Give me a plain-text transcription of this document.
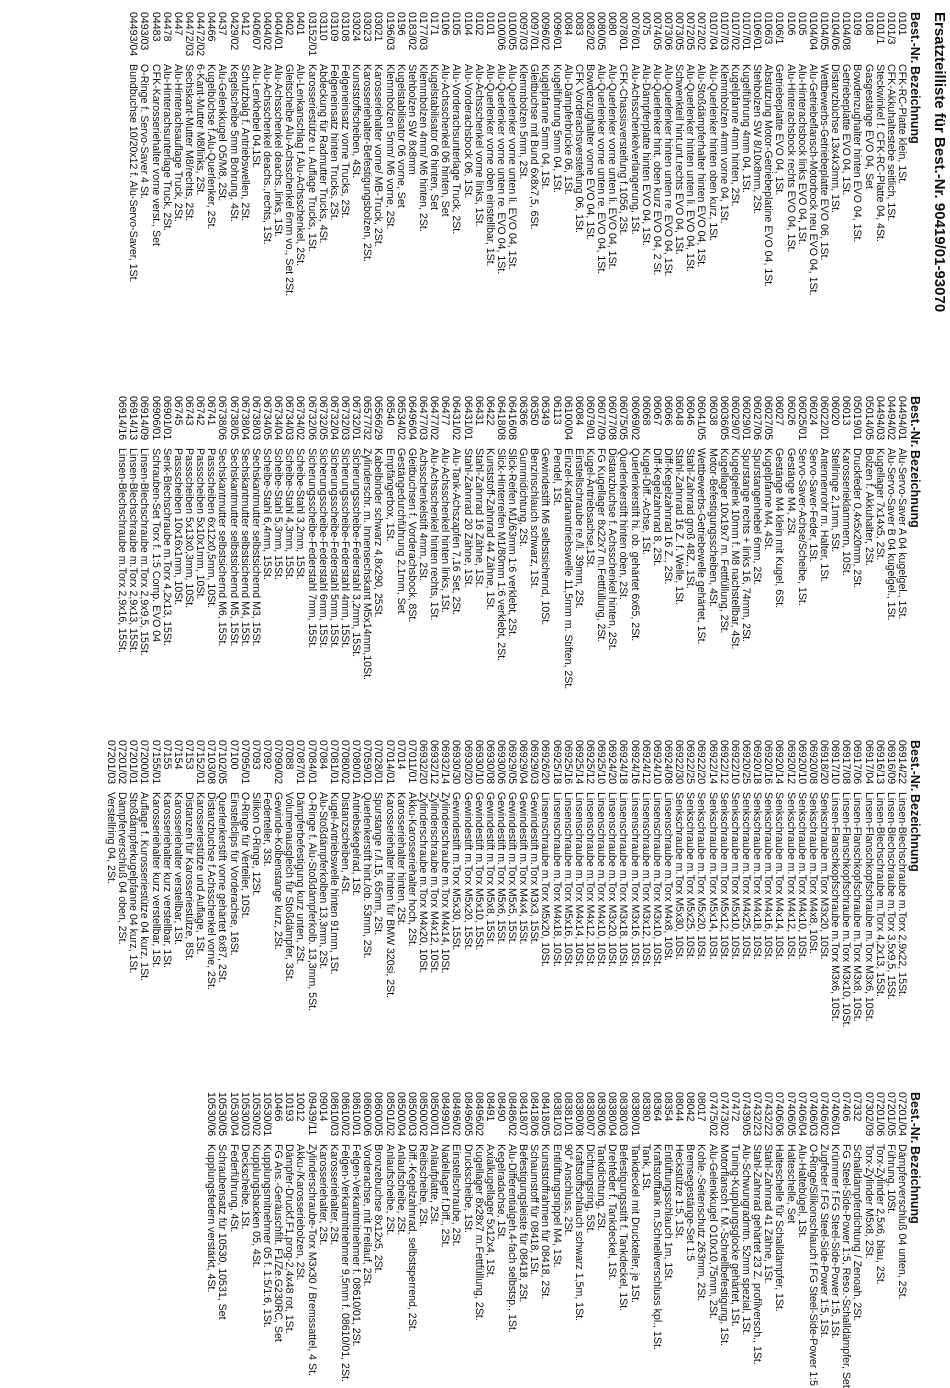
Ersatzteilliste für Best.-Nr. 90419/01-93070
Best.-Nr.Bezeichnung
0101CFK-RC-Platte klein, 1St.
0101/3CFK-Akkuhaltestebe seitlich, 1St.
0101/1Steckwinkel f. CFK-RC-Platte 04, 4St.
0108Gasgestänge EVO 04, Set
0109Bowdenzughalter hinten EVO 04, 1St.
0104/08Getriebeplatte EVO 04, 1St.
0104/06Distanzbüchse 13x4x3mm, 1St.
0104/05Wettbewerbs-Getriebeplatte EVO 06, 1St.
0104/04Alu-Getriebeflansch-Motorbock neu EVO 04, 1St.
0105Alu-Hinterachsbock links EVO 04, 1St.
0106Alu-Hinterachsbock rechts EVO 04, 1St.
0106/1Getriebeplatte EVO 04, 1St.
0106/3Abstützung Motor-Getriebeplatine EVO 04, 1St.
0106/01Stehbolzen SW 8/10x8mm, 2St.
0107/01Kugelführung 4mm 04, 1St.
0107/02Kugelpfanne 4mm hinten, 2St.
0107/03Klemmbolzen 4mm vorne 04, 1St.
0107/04Alu-Querlenker hinten oben kurz, 1St.
0072/02Alu-Stoßdämpferhalter hinten EVO 04, 1St.
0072/05Alu-Querlenker hinten unten li. EVO 04, 1St.
0073/05Schwenkteil hint.unt.rechts EVO 04, 1St.
0073/06Alu-Querlenker hinten unten re. EVO 04, 1St.
0074/05Alu-Querlenker hint. oben kurz EVO 04, 2 St.
0075Alu-Dämpferplatte hinten EVO 04, 1St.
0076/01Alu-Achsschenkelverlängerung, 1St.
0078/01CFK-Chassisversteifung f.1056, 2St.
0080Alu-Querlenker vorne unten li. EVO 04, 1St.
0080/05Alu-Querlenker vorne unten re. EVO 04, 1St.
0082/02Bowdenzughalter vorne EVO 04, 1St.
0083CFK Vorderachsversteifung 06, 1St.
0084Alu-Dämpferbrücke 06, 1St.
0096/01Kugelführung 5mm 04, 1St.
0096/02Kugelpfanne 5mm 04, 1St.
0097/01Gleitbuchse mit Bund 6x8x7,5, 6St.
0097/03Klemmbolzen 5mm, 2St.
0100/05Alu-Querlenker vorne unten li. EVO 04, 1St.
0100/06Alu-Querlenker vorne unten re. EVO 04, 1St.
0101Alu-Querlenker vorne oben einstellbar, 1St.
0102Alu-Achsschenkel vorne links, 1St.
0104Alu-Vorderachsbock 06, 1St.
0105Alu-Vorderachsunterlage Truck, 2St.
0106Alu-Achsschenkel 06 hinten, Set
0171Kugelstabilisator 06 hinten, Set
0177/03Klemmbolzen 4mm/ M6 hinten, 2St.
0183/02Stehbolzen SW 8x8mm
0196Kugelstabilisator 06 vorne, Set
0196/03Klemmbolzen 5mm/ M6 vorne, 2St.
03021Karosseriehalter vorne/ MB-Truck, 2St.
03023Karosseriehalter-Befestigungsbolzen, 2St.
03024Kunststoffscheiben, 4St.
03108Felgeneinsatz vorne Trucks, 2St.
03109Felgeneinsatz hinten Trucks, 2St.
03110Abdeckung für Radmutter Trucks, 4St.
03152/01Karosseriestütze u. Auflage Trucks, 1St.
0401Alu-Lenkanschlag f.Alu-Achsschenkel, 2St.
0402Gleitscheibe Alu-Achsschenkel 6mm vo., Set 2St.
0404/01Alu-Achsschenkel deachs.,links, 1St.
0404/02Alu-Achsschenkel deachs.,rechts, 1St.
0406/07Alu-Lenkhebel 04,1St.
0412Schutzbalg f. Antriebswellen, 2St.
0429/02Kegelscheibe 5mm Bohrung, 4St.
0437Alu-Gelenkkugel O5/M8, 2St.
04466Kugelbüchse f.Alu-Querlenker, 2St.
04472/026-Kant-Mutter M8/links, 2St.
04472/03Sechskant-Mutter M8/rechts, 2St.
0447Alu-Hinterachsauflage Truck, 2St.
04478Alu-Hinterachsunterlage Truck, 2St.
04483CFK-Karosseriehalter vorne verst., Set
0493/03O-Ringe f. Servo-Saver 4 St.
04493/04Bundbuchse 10/20x12 f. Alu-Servo-Saver, 1St.
Best.-Nr.Bezeichnung
04494/01Alu-Servo-Saver A 04 kugelgel., 1St.
04494/02Alu-Servo-Saver B 04 kugelgel., 1St.
04494/03Kugellager 7x14x5, 2St.
05014/05Bolzen f. Akkuhalter, 2St.
05019/01Druckfeder 0,4x5x20mm, 2St.
06013Karosserieklammern, 10St.
06020Stellringe 2,1mm, 5St.
06022/01Antennenrohr m. Halter, 1St.
06024Servo-Saver-Feder, 1St.
06025/01Servo-Saver-Achse/Scheibe, 1St.
06026Gestänge M4, 2St.
06027Gestänge M4 klein mit Kugel, 6St.
06027/05Kugelpfanne M4, 4St.
06027/06Spurstangenhebel 6mm, 2St.
06029/01Spurstange rechts + links 16, 74mm, 2St.
06029/07Kugelgelenk 10mm f. M8 nachstellbar, 4St.
06036/05Kugellager 10x19x7 m. Fettfüllung, 2St.
06038Motor-Befestigungsscheiben, 4St.
06041/05Wettbewerbs-Getriebewelle gehärtet, 1St.
06046Stahl-Zahnrad groß 48Z., 1St.
06048Stahl-Zahnrad 16 Z. f. Welle, 1St.
06066Diff-Kegelzahnrad 16 Z., 2St.
06067Diff-Kegelzahnrad 8, 2St.
06068Kugel-Diff.-Achse, 1St.
06069/02Querlenkerstift hi. ob. gehärtet 6x65, 2St.
06075/05Querlenkerstift hinten oben, 2St.
06077/08Distanzbuchse f. Achsschenkel hinten, 2St.
06077/09FG Kugellager 8x22x7 m.Fettfüllung, 2St.
06079/01Kugel-Antriebsachse,1St.
06084Einstellschraube re./li. 39mm, 2St.
06100/04Einzel-Kardanantriebswelle 11,5mm m. Stiften, 2St.
06113Pendel, 1St.
06349Gewindestift M6 selbstsichernd, 10St.
06350Benzinschlauch schwarz, 1St.
06366Gummidichtung, 2St.
06416/08Slick-Reifen M1/63mm 1:6 verklebt, 2St.
06418/08Slick-Hinterreifen M1/80mm 1:6 verklebt, 2St.
06422Kunststoff-Zahnrad 44 Zähne, 1St.
06431Stahl-Zahnrad 16 Zähne, 1St.
06431/01Stahl-Zahnrad 20 Zähne, 1St.
06431/02Alu-Tank-Achszapfen 7,16 Set, 2St.
06477Alu-Achsschenkel hinten links, 1St.
06477/02Alu-Achsschenkel hinten rechts, 1St.
06477/03Achsschenkelstift 4mm, 2St.
06496/04Gleitbuchsen f. Vorderachsbock, 8St.
06534/02Gestängedurchführung 2,1mm, Set
06540Empfängerbox, 1St.
06566/29Kabelbinder schwarz 4,8x290, 25St.
06577/32Zylinderschr. m. Innensechskant M5x14mm,10St.
06732/01Sicherungsscheibe-Federstahl 3,2mm, 15St.
06732/03Sicherungsscheibe-Federstahl 4mm, 15St.
06732/04Sicherungsscheibe-Federstahl 5mm, 15St.
06732/05Sicherungsscheibe-Federstahl 6mm, 15St.
06732/06Sicherungsscheibe-Federstahl 7mm, 15St.
06734/02Scheibe-Stahl 3,2mm, 15St.
06734/03Scheibe-Stahl 4,3mm, 15St.
06734/04Scheibe-Stahl 5,3mm, 15St.
06734/05Scheibe-Stahl 6,4mm, 15St.
06738/03Sechskantmutter selbstsichernd M3, 15St.
06738/04Sechskantmutter selbstsichernd M4, 15St.
06738/05Sechskantmutter selbstsichernd M5, 15St.
06738/06Sechskantmutter selbstsichernd M6, 15St.
06741Passscheiben 6x12x0,5mm, 10St.
06742Passscheiben 5x10x1mm, 10St.
06743Passscheiben 5x13x0,3mm, 10St.
06745Passscheiben 10x16x1mm, 10St.
06901/01Senk-Blechschraube m.Torx 4,2x13, 15St.
06906/01Schrauben-Set Torx f. 1:5 Comp. EVO 04
06914/09Linsen-Blechschraube m.Torx 2,9x9,5, 15St.
06914/13Linsen-Blechschraube m.Torx 2,9x13, 15St.
06914/16Linsen-Blechschraube m.Torx 2,9x16, 15St.
Best.-Nr.Bezeichnung
06914/22Linsen-Blechschraube m.Torx 2,9x22, 15St.
06916/09Linsen-Blechschraube m.Torx 3,5x9,5, 15St.
06916/13Linsen-Blechschraube m.Torx 4,2x13, 15St.
06917/04Linsen-Flanschkopfschraube m.Torx M3x6, 10St.
06917/06Linsen-Flanschkopfschraube m.Torx M3x8, 10St.
06917/08Linsen-Flanschkopfschraube m.Torx M3x10, 10St.
06917/10Linsen-Flanschkopfschraube m.Torx M3x6, 10St.
06918/20Senkschraube m.Torx M3x20, 10St.
06920/08Senkschraube m.Torx M4x8, 10St.
06920/10Senkschraube m.Torx M4x10, 10St.
06920/12Senkschraube m.Torx M4x12, 10St.
06920/14Senkschraube m.Torx M4x14, 10St.
06920/16Senkschraube m.Torx M4x16, 10St.
06920/18Senkschraube m.Torx M4x18, 10St.
06920/25Senkschraube m.Torx M4x25, 10St.
06922/10Senkschraube m.Torx M5x10, 10St.
06922/12Senkschraube m.Torx M5x12, 10St.
06922/14Senkschraube m.Torx M5x14, 10St.
06922/20Senkschraube m.Torx M5x20, 10St.
06922/25Senkschraube m.Torx M5x25, 10St.
06922/30Senkschraube m.Torx M5x30, 10St.
06924/08Linsenschraube m.Torx M4x8, 10St.
06924/10Linsenschraube m.Torx M3x10, 10St.
06924/12Linsenschraube m.Torx M3x12, 10St.
06924/16Linsenschraube m.Torx M3x16, 10St.
06924/18Linsenschraube m.Torx M3x18, 10St.
06924/20Linsenschraube m.Torx M3x20, 10St.
06925/10Linsenschraube m.Torx M4x10, 10St.
06925/12Linsenschraube m.Torx M4x12, 10St.
06925/14Linsenschraube m.Torx M4x14, 10St.
06925/16Linsenschraube m.Torx M5x16, 10St.
06925/18Linsenschraube m.Torx M4x18, 10St.
06926/20Linsenschraube m.Torx M5x20, 10St.
06929/03Gewindestift m.Torx M3x3, 15St.
06929/04Gewindestift m.Torx M4x4, 15St.
06929/05Gewindestift m.Torx M5x5, 15St.
06930/06Gewindestift m.Torx M5x6, 15St.
06930/08Gewindestift m.Torx M5x8, 15St.
06930/10Gewindestift m.Torx M5x10, 15St.
06930/20Gewindestift m.Torx M5x20, 15St.
06930/30Gewindestift m.Torx M5x30, 15St.
06932/14Zylinderschraube m.Torx M4x14, 10St.
06932/12Zylinderschraube m.Torx M4x12, 10St.
06932/20Zylinderschraube m.Torx M4x20, 10St.
07011/01Akku-Karosseriehalter hoch, 2St.
07014Karosseriehalter hinten, 2St.
07014/01Karosseriehalter hinten für BMW 320si, 2St.
07028/01Spurstange r./l.15, 65mm, 2St.
07059/01Querlenkerstift hint./ob. 53mm, 2St.
07080/01Antriebskegelrad, 1St.
07080/02Distanzscheiben, 4St.
07081/01Kugel-Antriebswelle hinten 91mm, 1St.
07084Alu-Stoßdämpferkolben 13,3mm, 2St.
07084/01O-Ringe f. Alu-Stoßdämpferkolb. 13,3mm, 5St.
07087/01Dämpferbefestigung kurz unten, 2St.
07088Volumenausgleich für Stoßdämpfer, 3St.
07090/02Gewinde-Kolbenstange kurz, 2St.
07092Federteller, 3St.
07093Silikon O-Ringe, 12St.
07095/01O-Ringe für Verteiler, 10St.
07100Einstellclips für Vorderachse, 16St.
07102/05Querlenkerstift vorne gehärtet 6x87, 2St.
07103/08Distanzbuchse f.Achsschenkel vorne, 2St.
07152/01Karosseriestütze und Auflage, 1St.
07153Distanzen für Karosseriestütze, 8St.
07154Karosseriehalter verstellbar, 1St.
07155Karosseriehalter kurz verstellbar, 1St.
07155/01Karosseriehalter kurz verstellbar, 1St.
07200/01Auflage f. Kurosseriestütze 04 kurz, 1St.
07201/01Stoßdämpferkugelpfanne 04 kurz, 1St.
07201/02Dämpferverschluß 04 oben, 2St.
07201/03Verstellring 04, 2St.
Best.-Nr.Bezeichnung
07201/04Dämpferverschluß 04 unten, 2St.
07201/05Führung, 10St.
07201/06Torx-Zylinder 2,5x6, blau, 2St.
07302/09Torx-Zylinder M5x8, 2St.
07332Schalldämpferdichtung / Zenoah, 2St.
07406FG Steel-Side-Power 1:5, Reso.-Schalldämpfer, Set
07406/01Krümmer f.FG Steel-Side-Power 1:5, 1St.
07406/02Zugfeder f.FG Steel-Side-Power 1:5, 1St.
07406/03O-Ringe/Silikonschlauch f.FG Steel-Side-Power 1:5
07406/04Alu-Haltebügel, 1St.
07406/05Halteschelle, Set
07406/06Halteschelle für Schalldämpfer, 1St.
07432/22Stahl-Zahnrad 41 Zähne, 1St.
07432/23Stahl-Zahnrad gehärtet 23 Z. profilversch., 1St.
07439/05Alu-Schwungradmtn. 52mm spezial, 1St.
07472Tuning-Kupplungsglocke gehärtet, 1St.
07473/02Motorflansch f. M.-Schnellbefestigung, 1St.
07475/02Alu-Gelenkkugel O10x10,75mm, 2St.
08017Kohle.-Seitenschutz 263mm, 2St.
08042Bremsegestänge-Set 1:5
08044Heckstütze 1:5, 1St.
08354Entlüftungsschlauch 1m, 1St.
08364Kraftstofftank m.Schnellverschluss kpl., 1St.
08380Tank, 1St.
08380/01Tankdeckel mit Druckteller, je 1St.
08380/03Befestigungsstift f. Tankdeckel, 1St.
08380/04Drehfeder f. Tankdeckel, 1St.
08380/06Tankdichtung, 2St.
08380/07Dichtungsring, 5St.
08380/08Kraftstoffschlauch schwarz 1,5m, 1St.
08381/0190° Anschluss, 2St.
08381/03Entlüftungsnippel M4, 1St.
08418/05Kunststoffrahmen für 08418, 2St.
08418/06Schaumstoff für 08418, 1St.
08418/07Befestigungsleiste für 08418, 2St.
08486/02Alu-Differentialgeh.4-fach selbstsp., 1St.
08490Kegelradachse, 1St.
08491Axialkugellager 5x12x4, 1St.
08496/02Kugellager 8x28x7 m.Fettfüllung, 2St.
08496/05Druckscheibe, 1St.
08496/02Einstellschraube, 2St.
08499/01Nadellager f.Diff., 2St.
08500/01Anlaufplatte, 2St.
08500/02Reibscheibe, 2St.
08500/03Diff.-Kegelzahnrad, selbstsperrend, 2St.
08500/04Anlaufscheibe, 2St.
08501/02Anlaufscheibe, 2St.
08600/05Bronzebuchse 8x12x5, 2St.
08600/06Vorderachse, mit Freilauf, 2St.
08610/01Felgen-Verkantmitnehmer f. 08610/01, 2St.
08610/02Felgen-Verkantmitnehmer 9,5mm f. 08610/01, 2St.
08610/03Karosseriehalter, 2St.
09014Karosseriehalter, 2St.
09439/11Zylinderschraube-Torx M3x30 / Bremssattel, 4 St.
10012Akku-/Karosseriebolzen, 2St.
10193Dämpfer-Druckf.F1,prog-2,4x48 rot, 1St.
10466FG Ans.-Geräuschfilt. F1/Ze.G230RC, Set
10530/01Kupplungsmitnehmer 05 f. 1:5/1:6, 1St.
10530/02Kupplungsbacken 05, 4St.
10530/03Deckscheibe, 1St.
10530/04Federführung, 4St.
10530/05Schraubensatz für 10530, 10531, Set
10530/06Kupplungsfedern verstärkt, 4St.
